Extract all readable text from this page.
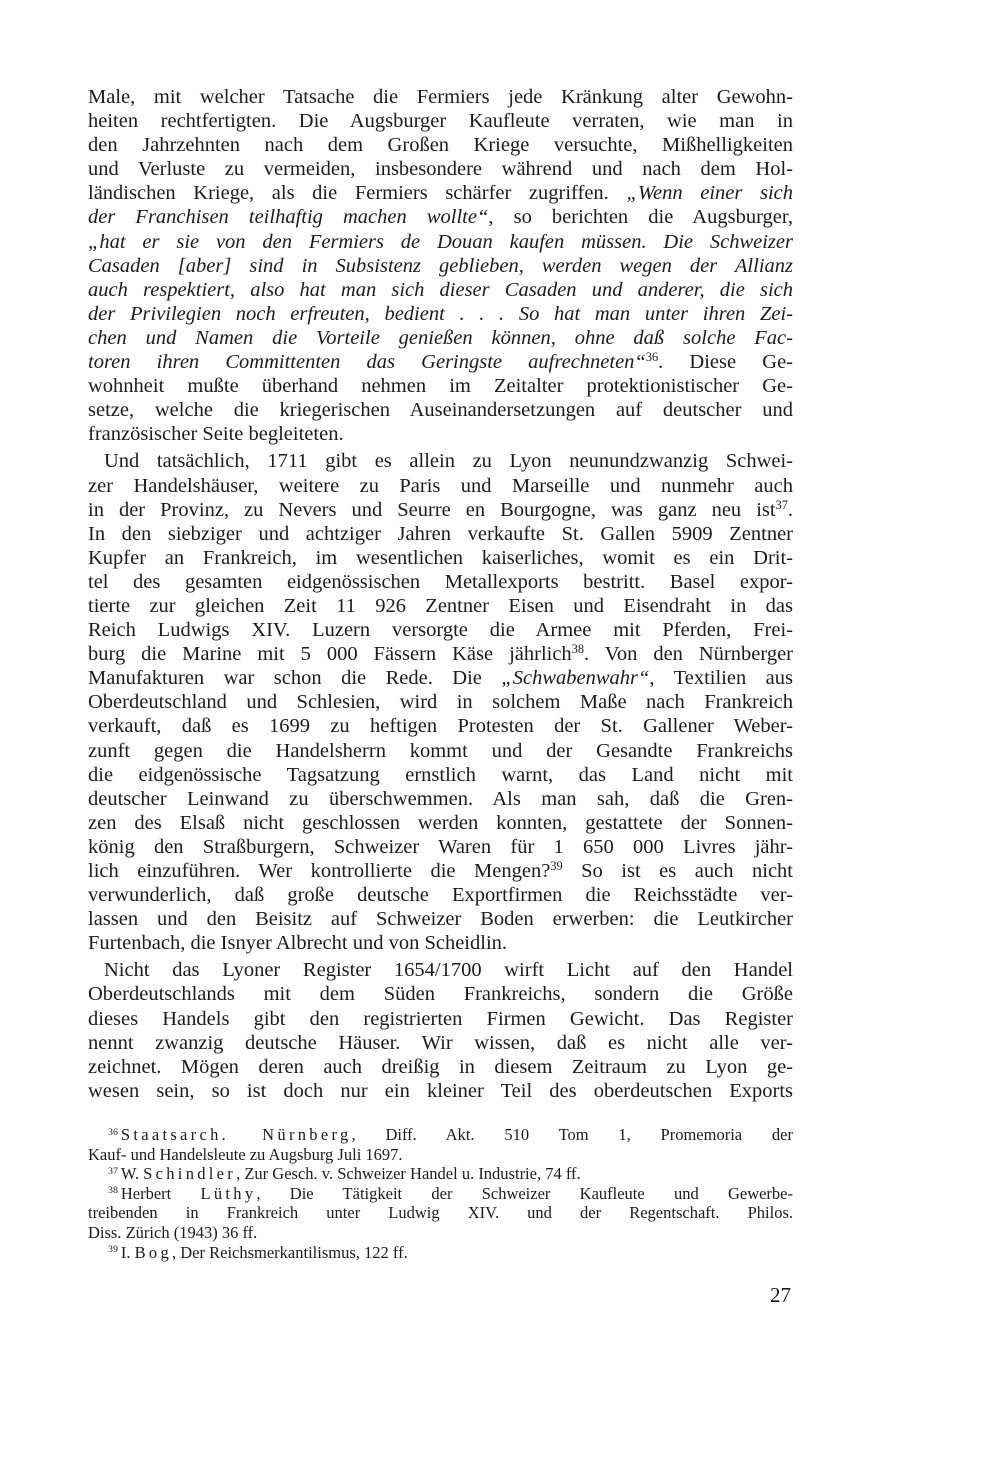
Male, mit welcher Tatsache die Fermiers jede Kränkung alter Gewohn-
heiten rechtfertigten. Die Augsburger Kaufleute verraten, wie man in
den Jahrzehnten nach dem Großen Kriege versuchte, Mißhelligkeiten
und Verluste zu vermeiden, insbesondere während und nach dem Hol-
ländischen Kriege, als die Fermiers schärfer zugriffen. „Wenn einer sich
der Franchisen teilhaftig machen wollte“, so berichten die Augsburger,
„hat er sie von den Fermiers de Douan kaufen müssen. Die Schweizer
Casaden [aber] sind in Subsistenz geblieben, werden wegen der Allianz
auch respektiert, also hat man sich dieser Casaden und anderer, die sich
der Privilegien noch erfreuten, bedient . . . So hat man unter ihren Zei-
chen und Namen die Vorteile genießen können, ohne daß solche Fac-
toren ihren Committenten das Geringste aufrechneten“$^{36}$. Diese Ge-
wohnheit mußte überhand nehmen im Zeitalter protektionistischer Ge-
setze, welche die kriegerischen Auseinandersetzungen auf deutscher und
französischer Seite begleiteten.
Und tatsächlich, 1711 gibt es allein zu Lyon neunundzwanzig Schwei-
zer Handelshäuser, weitere zu Paris und Marseille und nunmehr auch
in der Provinz, zu Nevers und Seurre en Bourgogne, was ganz neu ist$^{37}$.
In den siebziger und achtziger Jahren verkaufte St. Gallen 5909 Zentner
Kupfer an Frankreich, im wesentlichen kaiserliches, womit es ein Drit-
tel des gesamten eidgenössischen Metallexports bestritt. Basel expor-
tierte zur gleichen Zeit 11 926 Zentner Eisen und Eisendraht in das
Reich Ludwigs XIV. Luzern versorgte die Armee mit Pferden, Frei-
burg die Marine mit 5 000 Fässern Käse jährlich$^{38}$. Von den Nürnberger
Manufakturen war schon die Rede. Die „Schwabenwahr“, Textilien aus
Oberdeutschland und Schlesien, wird in solchem Maße nach Frankreich
verkauft, daß es 1699 zu heftigen Protesten der St. Gallener Weber-
zunft gegen die Handelsherrn kommt und der Gesandte Frankreichs
die eidgenössische Tagsatzung ernstlich warnt, das Land nicht mit
deutscher Leinwand zu überschwemmen. Als man sah, daß die Gren-
zen des Elsaß nicht geschlossen werden konnten, gestattete der Sonnen-
könig den Straßburgern, Schweizer Waren für 1 650 000 Livres jähr-
lich einzuführen. Wer kontrollierte die Mengen?$^{39}$ So ist es auch nicht
verwunderlich, daß große deutsche Exportfirmen die Reichsstädte ver-
lassen und den Beisitz auf Schweizer Boden erwerben: die Leutkircher
Furtenbach, die Isnyer Albrecht und von Scheidlin.
Nicht das Lyoner Register 1654/1700 wirft Licht auf den Handel
Oberdeutschlands mit dem Süden Frankreichs, sondern die Größe
dieses Handels gibt den registrierten Firmen Gewicht. Das Register
nennt zwanzig deutsche Häuser. Wir wissen, daß es nicht alle ver-
zeichnet. Mögen deren auch dreißig in diesem Zeitraum zu Lyon ge-
wesen sein, so ist doch nur ein kleiner Teil des oberdeutschen Exports
$^{36}$ Staatsarch. Nürnberg, Diff. Akt. 510 Tom 1, Promemoria der
Kauf- und Handelsleute zu Augsburg Juli 1697.
$^{37}$ W. Schindler, Zur Gesch. v. Schweizer Handel u. Industrie, 74 ff.
$^{38}$ Herbert Lüthy, Die Tätigkeit der Schweizer Kaufleute und Gewerbe-
treibenden in Frankreich unter Ludwig XIV. und der Regentschaft. Philos.
Diss. Zürich (1943) 36 ff.
$^{39}$ I. Bog, Der Reichsmerkantilismus, 122 ff.
27
